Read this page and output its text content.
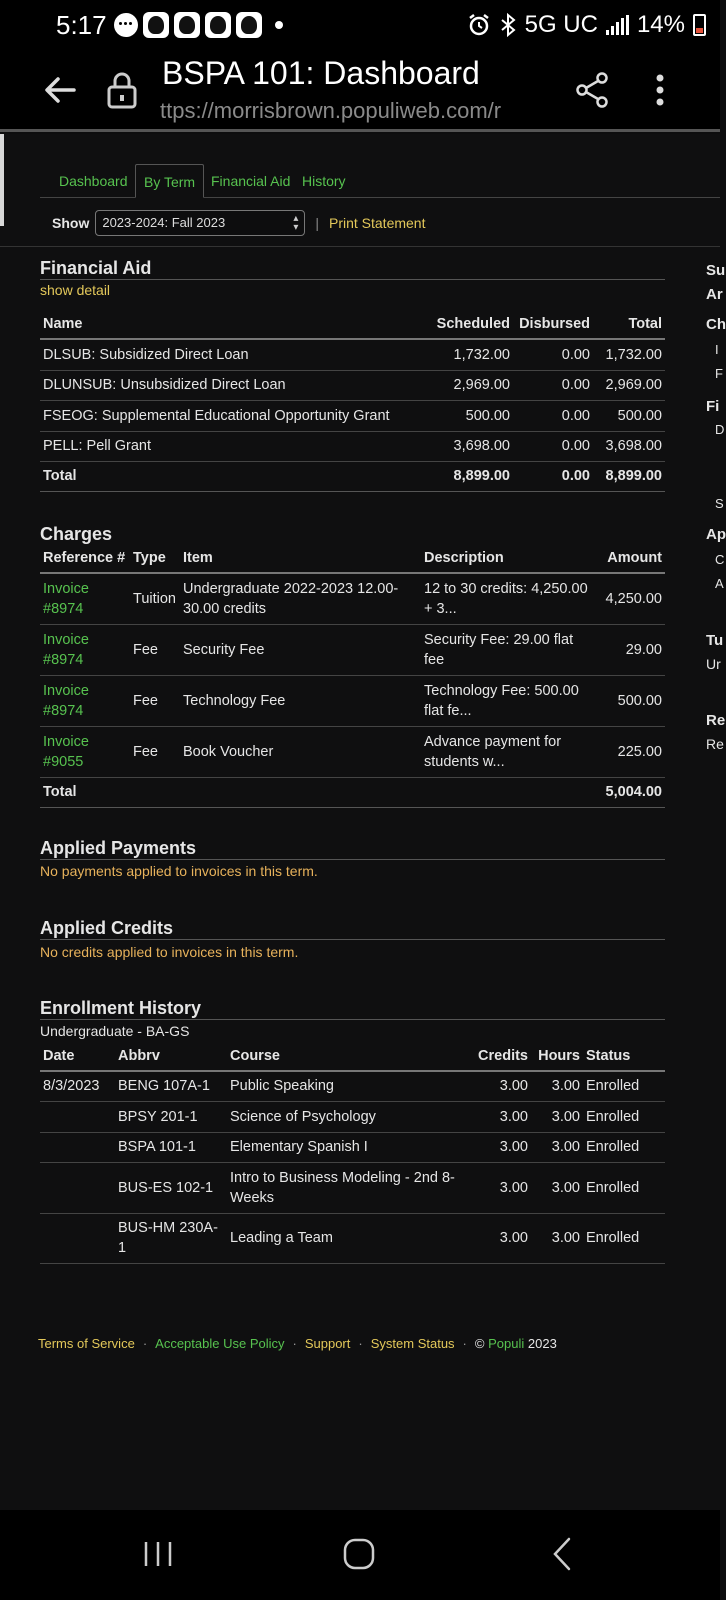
5:17	5G UC 14%
BSPA 101: Dashboard
ttps://morrisbrown.populiweb.com/r
Dashboard	By Term	Financial Aid History
Show	2023-2024: Fall 2023	▴
▾ | Print Statement
Financial Aid
show detail
Name	Scheduled	Disbursed	Total
DLSUB: Subsidized Direct Loan	1,732.00	0.00	1,732.00
DLUNSUB: Unsubsidized Direct Loan	2,969.00	0.00	2,969.00
FSEOG: Supplemental Educational Opportunity Grant	500.00	0.00	500.00
PELL: Pell Grant	3,698.00	0.00	3,698.00
Total	8,899.00	0.00	8,899.00
Charges
Reference #	Type	Item	Description	Amount
Invoice #8974	Tuition	Undergraduate 2022-2023 12.00-30.00 credits	12 to 30 credits: 4,250.00 + 3...	4,250.00
Invoice #8974	Fee	Security Fee	Security Fee: 29.00 flat fee	29.00
Invoice #8974	Fee	Technology Fee	Technology Fee: 500.00 flat fe...	500.00
Invoice #9055	Fee	Book Voucher	Advance payment for students w...	225.00
Total				5,004.00
Applied Payments
No payments applied to invoices in this term.
Applied Credits
No credits applied to invoices in this term.
Enrollment History
Undergraduate - BA-GS
Date	Abbrv	Course	Credits	Hours	Status
8/3/2023	BENG 107A-1	Public Speaking	3.00	3.00	Enrolled
	BPSY 201-1	Science of Psychology	3.00	3.00	Enrolled
	BSPA 101-1	Elementary Spanish I	3.00	3.00	Enrolled
	BUS-ES 102-1	Intro to Business Modeling - 2nd 8-Weeks	3.00	3.00	Enrolled
	BUS-HM 230A-1	Leading a Team	3.00	3.00	Enrolled
Su
Ar
Ch
I
F
Fi
D
S
Ap
C
A
Tu
Ur
Re
Re
Terms of Service · Acceptable Use Policy · Support · System Status · © Populi 2023
